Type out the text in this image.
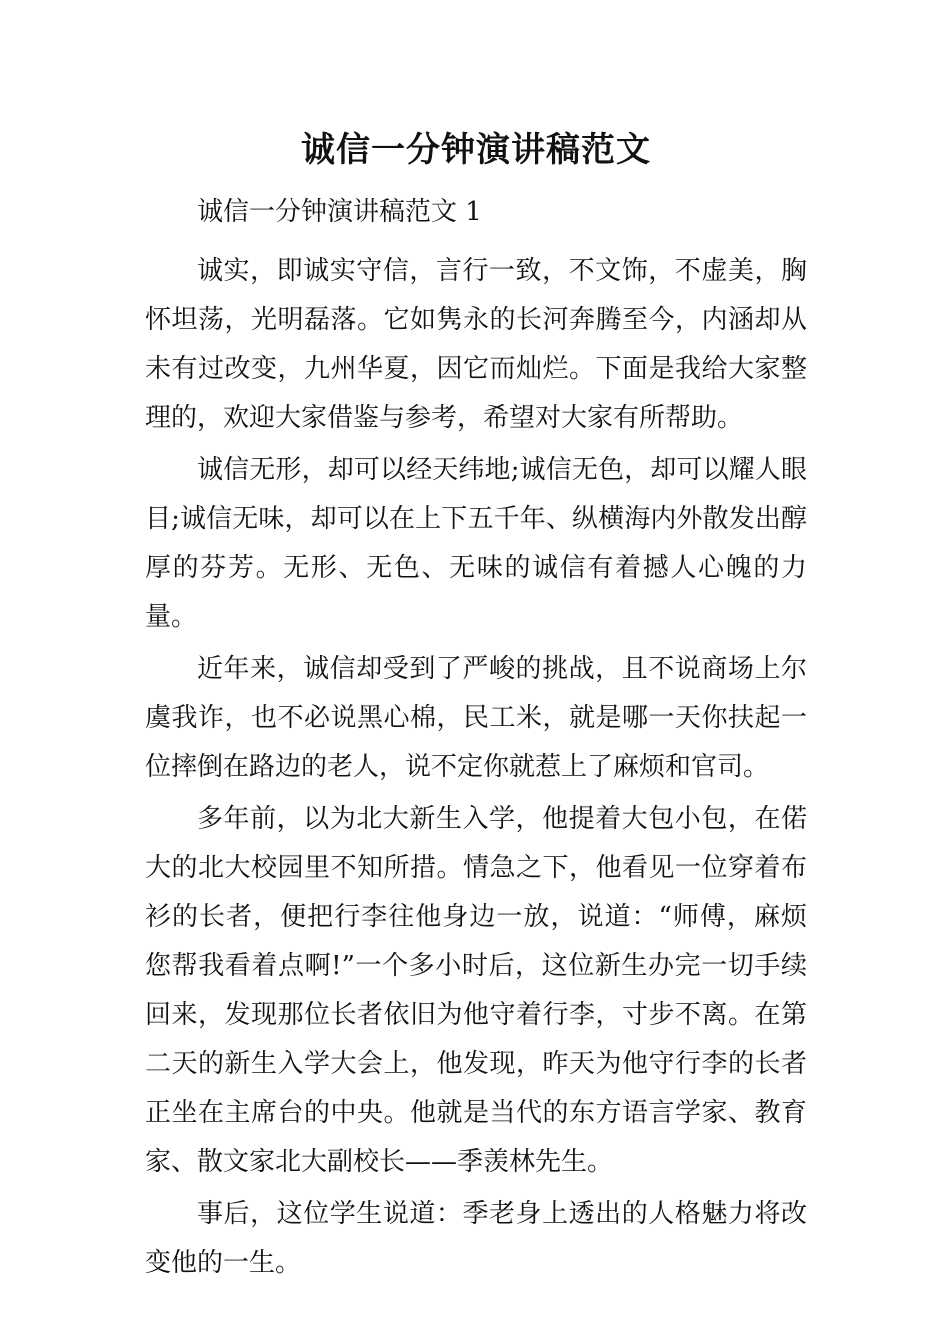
诚信一分钟演讲稿范文

诚信一分钟演讲稿范文 1

诚实，即诚实守信，言行一致，不文饰，不虚美，胸怀坦荡，光明磊落。它如隽永的长河奔腾至今，内涵却从未有过改变，九州华夏，因它而灿烂。下面是我给大家整理的，欢迎大家借鉴与参考，希望对大家有所帮助。

诚信无形，却可以经天纬地;诚信无色，却可以耀人眼目;诚信无味，却可以在上下五千年、纵横海内外散发出醇厚的芬芳。无形、无色、无味的诚信有着撼人心魄的力量。

近年来，诚信却受到了严峻的挑战，且不说商场上尔虞我诈，也不必说黑心棉，民工米，就是哪一天你扶起一位摔倒在路边的老人，说不定你就惹上了麻烦和官司。

多年前，以为北大新生入学，他提着大包小包，在偌大的北大校园里不知所措。情急之下，他看见一位穿着布衫的长者，便把行李往他身边一放，说道：“师傅，麻烦您帮我看着点啊!”一个多小时后，这位新生办完一切手续回来，发现那位长者依旧为他守着行李，寸步不离。在第二天的新生入学大会上，他发现，昨天为他守行李的长者正坐在主席台的中央。他就是当代的东方语言学家、教育家、散文家北大副校长——季羡林先生。

事后，这位学生说道：季老身上透出的人格魅力将改变他的一生。
